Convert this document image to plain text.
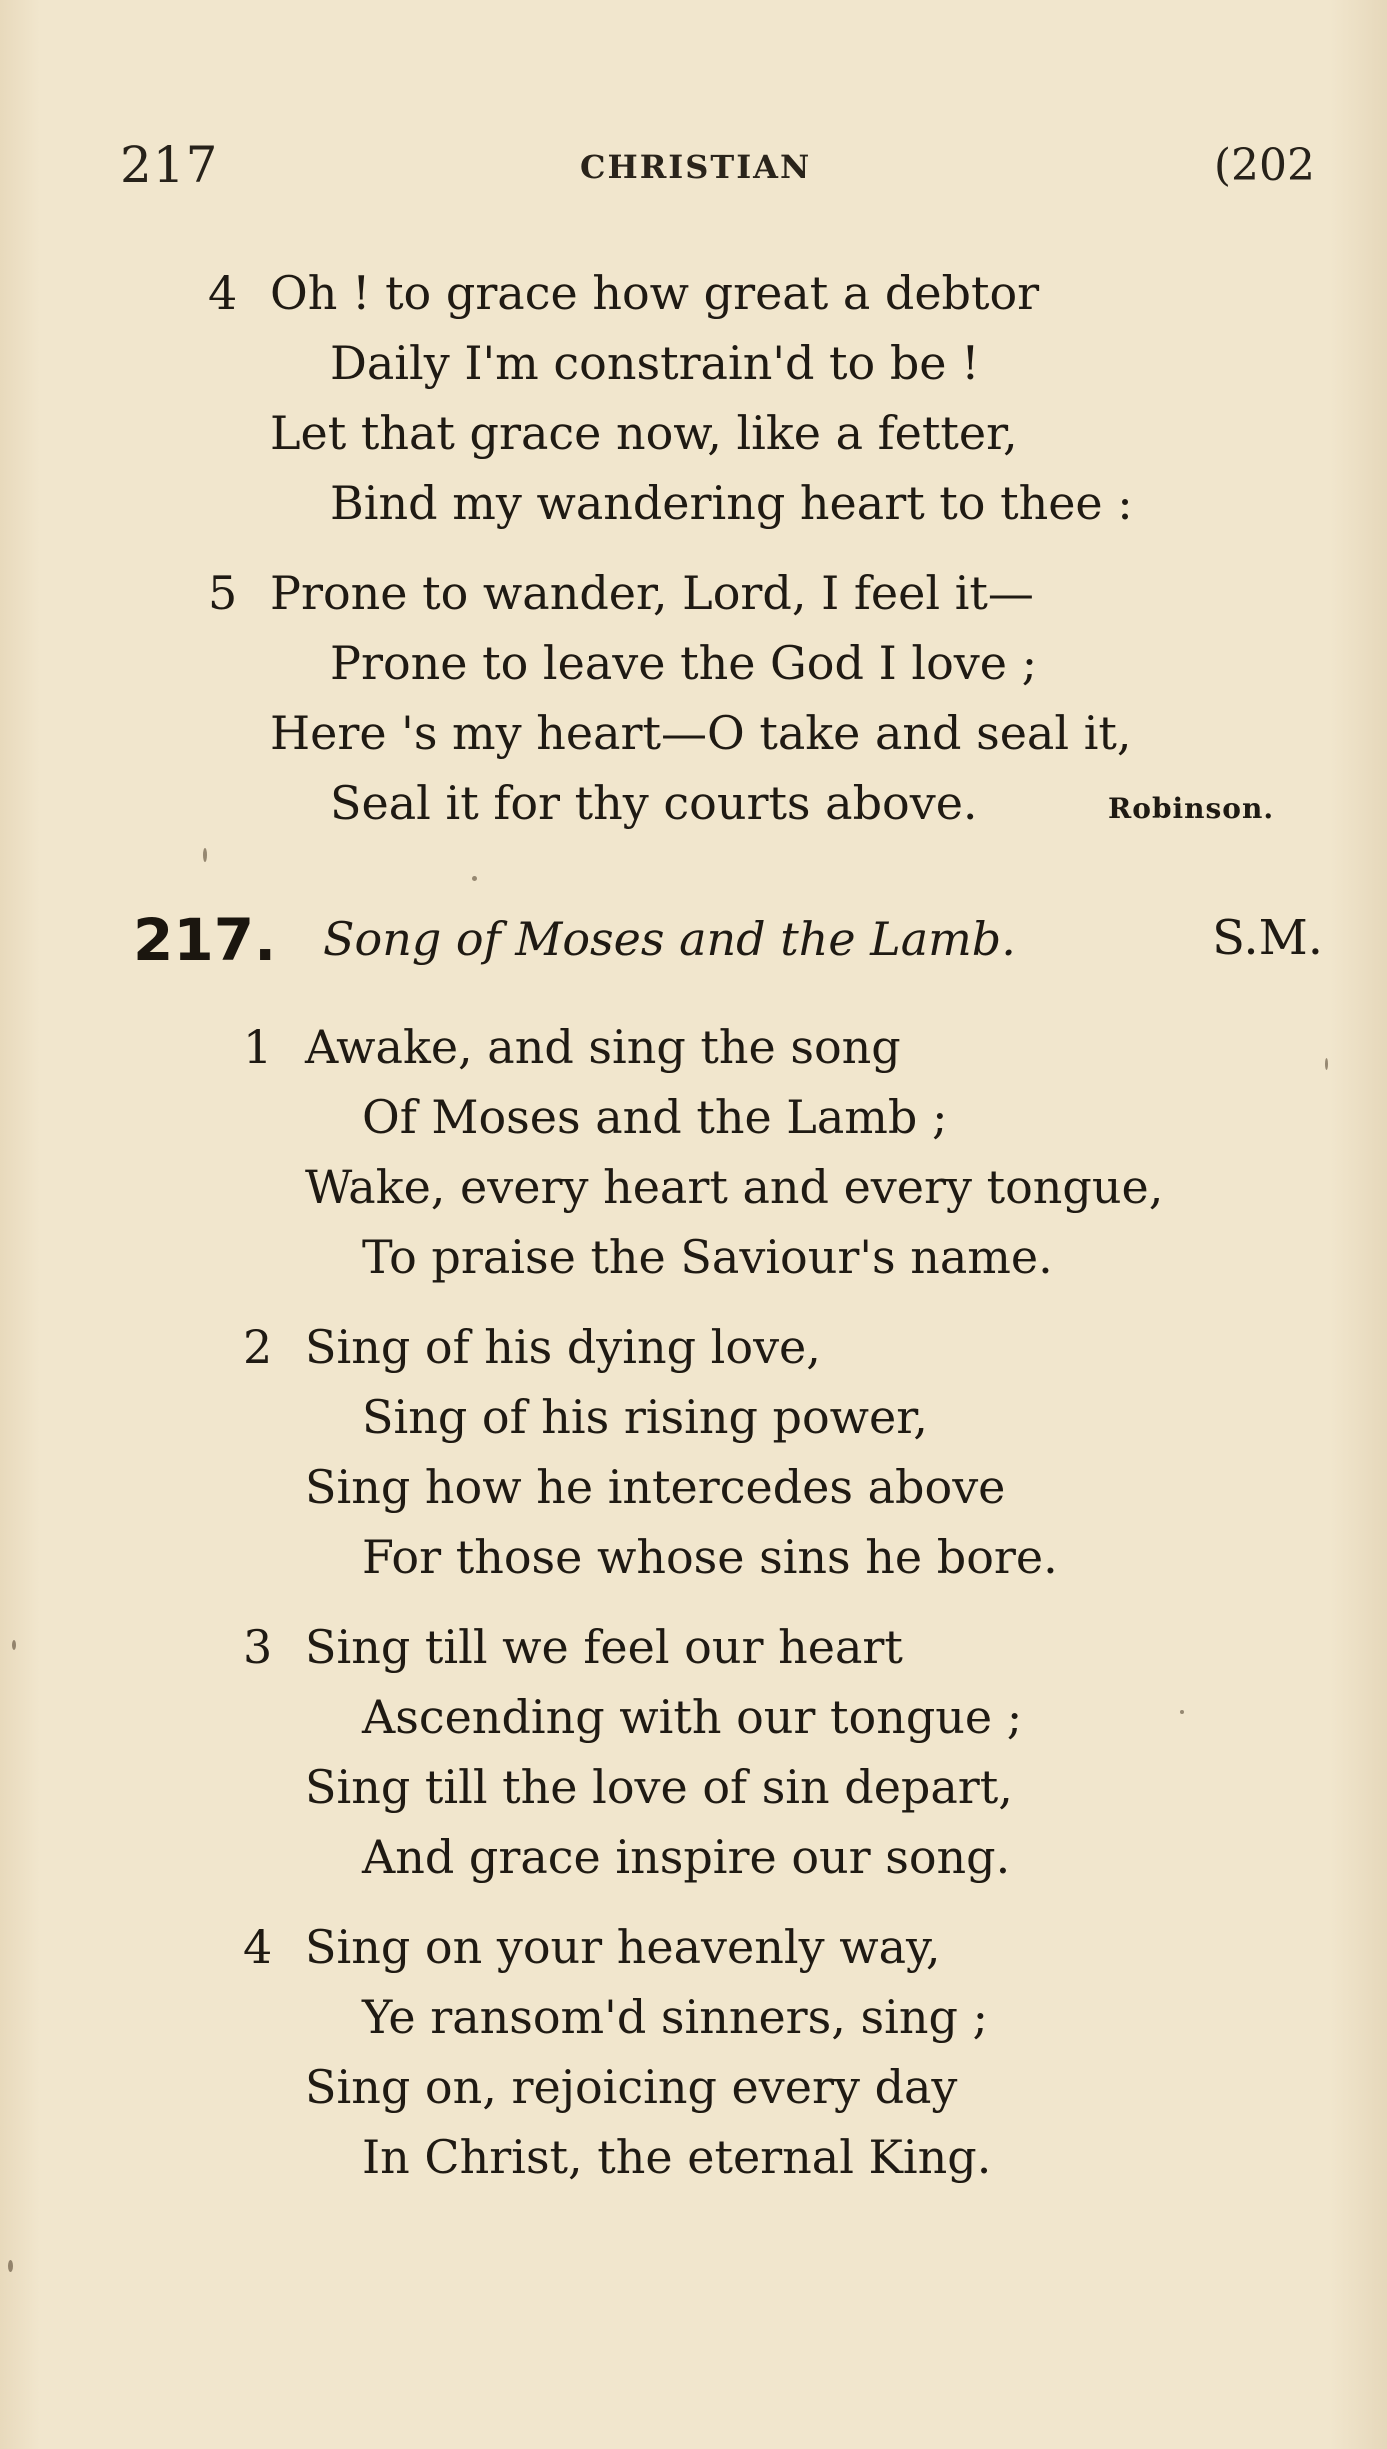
217	CHRISTIAN	(202
4 Oh ! to grace how great a debtor
Daily I'm constrain'd to be !
Let that grace now, like a fetter,
Bind my wandering heart to thee :
5 Prone to wander, Lord, I feel it—
Prone to leave the God I love ;
Here 's my heart—O take and seal it,
Seal it for thy courts above.	Robinson.
217. Song of Moses and the Lamb.	S.M.
1 Awake, and sing the song
Of Moses and the Lamb ;
Wake, every heart and every tongue,
To praise the Saviour's name.
2 Sing of his dying love,
Sing of his rising power,
Sing how he intercedes above
For those whose sins he bore.
3 Sing till we feel our heart
Ascending with our tongue ;
Sing till the love of sin depart,
And grace inspire our song.
4 Sing on your heavenly way,
Ye ransom'd sinners, sing ;
Sing on, rejoicing every day
In Christ, the eternal King.
